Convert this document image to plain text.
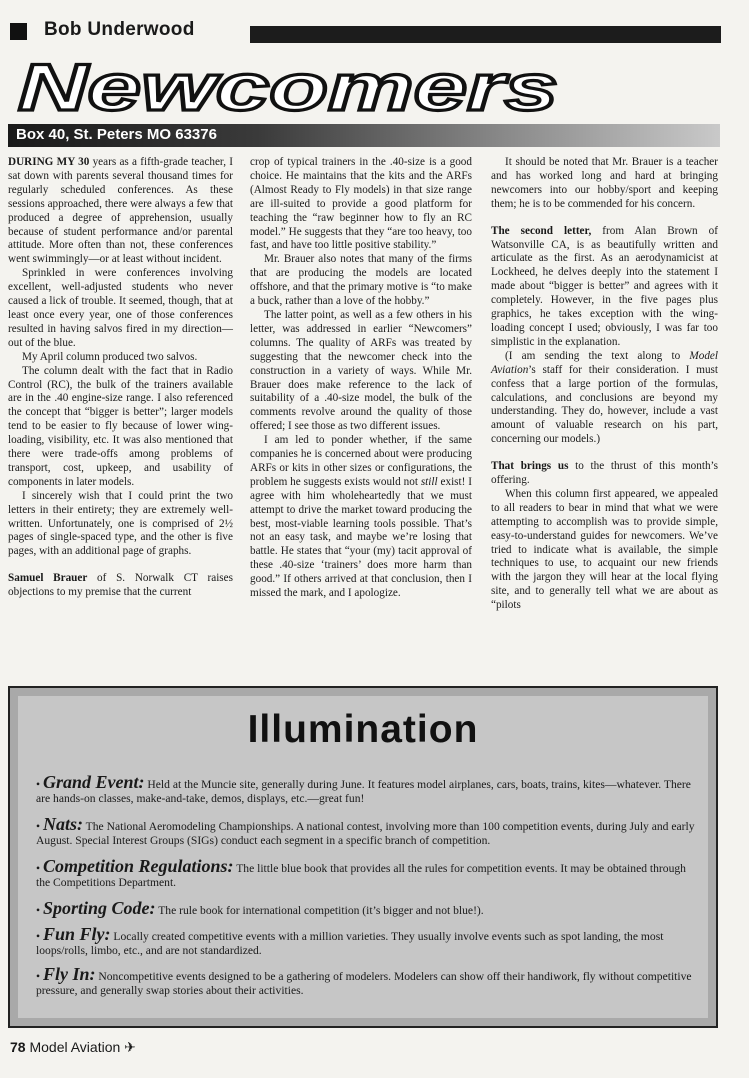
Bob Underwood
Newcomers
Box 40, St. Peters MO 63376

DURING MY 30 years as a fifth-grade teacher, I sat down with parents several thousand times for regularly scheduled conferences. As these sessions approached, there were always a few that produced a degree of apprehension, usually because of student performance and/or parental attitude. More often than not, these conferences went swimmingly—or at least without incident.

Sprinkled in were conferences involving excellent, well-adjusted students who never caused a lick of trouble. It seemed, though, that at least once every year, one of those conferences resulted in having salvos fired in my direction—out of the blue.

My April column produced two salvos.

The column dealt with the fact that in Radio Control (RC), the bulk of the trainers available are in the .40 engine-size range. I also referenced the concept that “bigger is better”; larger models tend to be easier to fly because of lower wing-loading, visibility, etc. It was also mentioned that there were trade-offs among problems of transport, cost, upkeep, and usability of components in later models.

I sincerely wish that I could print the two letters in their entirety; they are extremely well-written. Unfortunately, one is comprised of 2½ pages of single-spaced type, and the other is five pages, with an additional page of graphs.

Samuel Brauer of S. Norwalk CT raises objections to my premise that the current

crop of typical trainers in the .40-size is a good choice. He maintains that the kits and the ARFs (Almost Ready to Fly models) in that size range are ill-suited to provide a good platform for teaching the “raw beginner how to fly an RC model.” He suggests that they “are too heavy, too fast, and have too little positive stability.”

Mr. Brauer also notes that many of the firms that are producing the models are located offshore, and that the primary motive is “to make a buck, rather than a love of the hobby.”

The latter point, as well as a few others in his letter, was addressed in earlier “Newcomers” columns. The quality of ARFs was treated by suggesting that the newcomer check into the construction in a variety of ways. While Mr. Brauer does make reference to the lack of suitability of a .40-size model, the bulk of the comments revolve around the quality of those offered; I see those as two different issues.

I am led to ponder whether, if the same companies he is concerned about were producing ARFs or kits in other sizes or configurations, the problem he suggests exists would not still exist! I agree with him wholeheartedly that we must attempt to drive the market toward producing the best, most-viable learning tools possible. That’s not an easy task, and maybe we’re losing that battle. He states that “your (my) tacit approval of these .40-size ‘trainers’ does more harm than good.” If others arrived at that conclusion, then I missed the mark, and I apologize.

It should be noted that Mr. Brauer is a teacher and has worked long and hard at bringing newcomers into our hobby/sport and keeping them; he is to be commended for his concern.

The second letter, from Alan Brown of Watsonville CA, is as beautifully written and articulate as the first. As an aerodynamicist at Lockheed, he delves deeply into the statement I made about “bigger is better” and agrees with it completely. However, in the five pages plus graphics, he takes exception with the wing-loading concept I used; obviously, I was far too simplistic in the explanation.

(I am sending the text along to Model Aviation’s staff for their consideration. I must confess that a large portion of the formulas, calculations, and conclusions are beyond my understanding. They do, however, include a vast amount of valuable research on his part, concerning our models.)

That brings us to the thrust of this month’s offering.

When this column first appeared, we appealed to all readers to bear in mind that what we were attempting to accomplish was to provide simple, easy-to-understand guides for newcomers. We’ve tried to indicate what is available, the simple techniques to use, to acquaint our new friends with the jargon they will hear at the local flying site, and to generally tell what we are about as “pilots

Illumination
• Grand Event: Held at the Muncie site, generally during June. It features model airplanes, cars, boats, trains, kites—whatever. There are hands-on classes, make-and-take, demos, displays, etc.—great fun!
• Nats: The National Aeromodeling Championships. A national contest, involving more than 100 competition events, during July and early August. Special Interest Groups (SIGs) conduct each segment in a specific branch of competition.
• Competition Regulations: The little blue book that provides all the rules for competition events. It may be obtained through the Competitions Department.
• Sporting Code: The rule book for international competition (it’s bigger and not blue!).
• Fun Fly: Locally created competitive events with a million varieties. They usually involve events such as spot landing, the most loops/rolls, limbo, etc., and are not standardized.
• Fly In: Noncompetitive events designed to be a gathering of modelers. Modelers can show off their handiwork, fly without competitive pressure, and generally swap stories about their activities.
78 Model Aviation ✈
